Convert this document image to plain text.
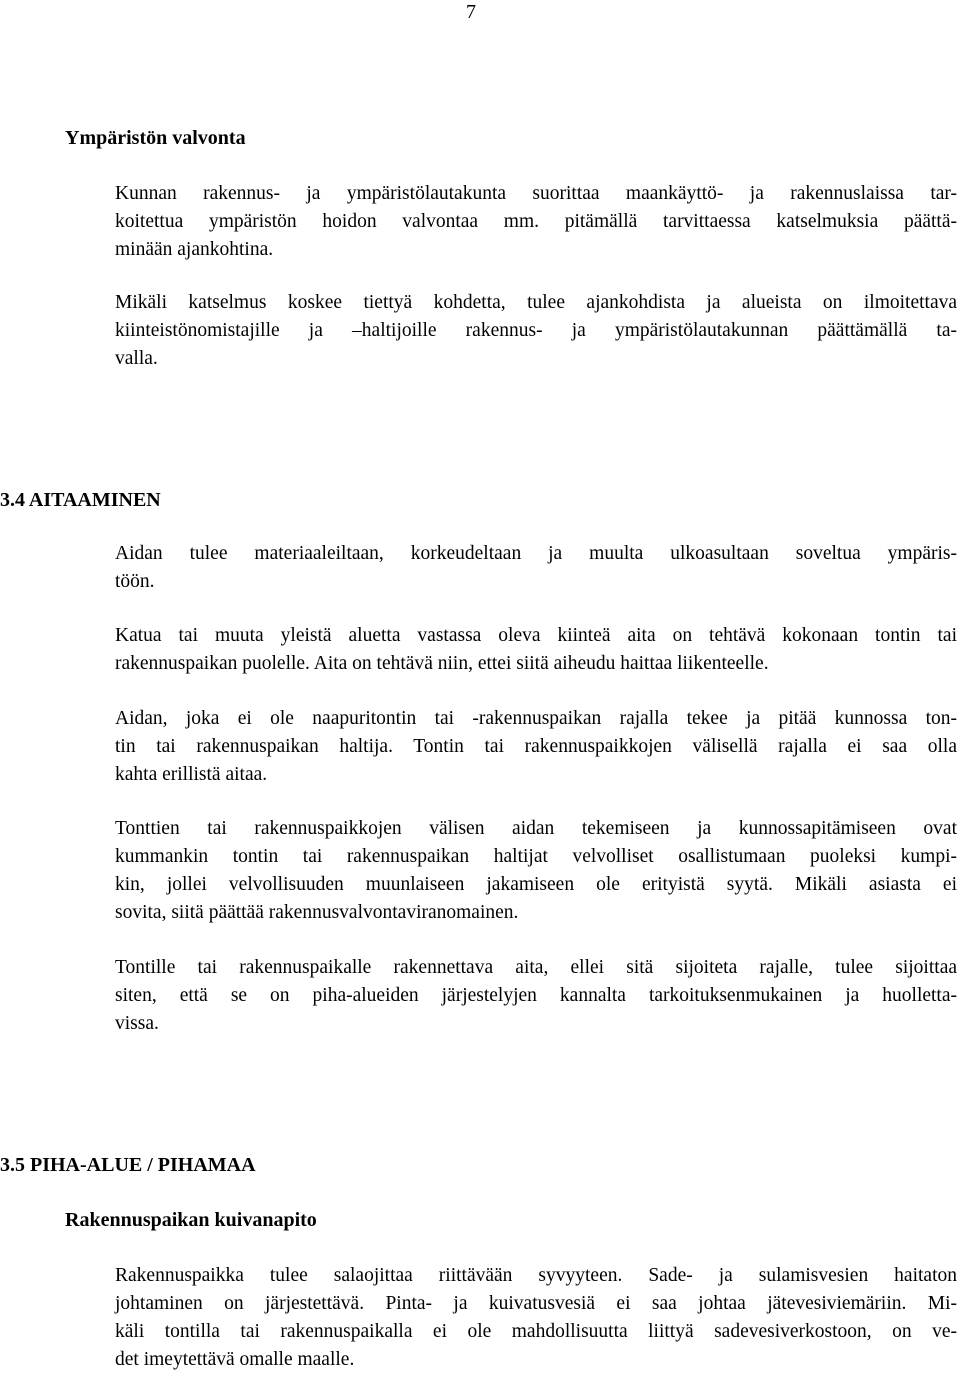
7
Ympäristön valvonta
Kunnan rakennus- ja ympäristölautakunta suorittaa maankäyttö- ja rakennuslaissa tar-
koitettua ympäristön hoidon valvontaa mm. pitämällä tarvittaessa katselmuksia päättä-
minään ajankohtina.
Mikäli katselmus koskee tiettyä kohdetta, tulee ajankohdista ja alueista on ilmoitettava
kiinteistönomistajille ja –haltijoille rakennus- ja ympäristölautakunnan päättämällä ta-
valla.
3.4 AITAAMINEN
Aidan tulee materiaaleiltaan, korkeudeltaan ja muulta ulkoasultaan soveltua ympäris-
töön.
Katua tai muuta yleistä aluetta vastassa oleva kiinteä aita on tehtävä kokonaan tontin tai
rakennuspaikan puolelle. Aita on tehtävä niin, ettei siitä aiheudu haittaa liikenteelle.
Aidan, joka ei ole naapuritontin tai -rakennuspaikan rajalla tekee ja pitää kunnossa ton-
tin tai rakennuspaikan haltija. Tontin tai rakennuspaikkojen välisellä rajalla ei saa olla
kahta erillistä aitaa.
Tonttien tai rakennuspaikkojen välisen aidan tekemiseen ja kunnossapitämiseen ovat
kummankin tontin tai rakennuspaikan haltijat velvolliset osallistumaan puoleksi kumpi-
kin, jollei velvollisuuden muunlaiseen jakamiseen ole erityistä syytä. Mikäli asiasta ei
sovita, siitä päättää rakennusvalvontaviranomainen.
Tontille tai rakennuspaikalle rakennettava aita, ellei sitä sijoiteta rajalle, tulee sijoittaa
siten, että se on piha-alueiden järjestelyjen kannalta tarkoituksenmukainen ja huolletta-
vissa.
3.5 PIHA-ALUE / PIHAMAA
Rakennuspaikan kuivanapito
Rakennuspaikka tulee salaojittaa riittävään syvyyteen. Sade- ja sulamisvesien haitaton
johtaminen on järjestettävä. Pinta- ja kuivatusvesiä ei saa johtaa jätevesiviemäriin. Mi-
käli tontilla tai rakennuspaikalla ei ole mahdollisuutta liittyä sadevesiverkostoon, on ve-
det imeytettävä omalle maalle.
